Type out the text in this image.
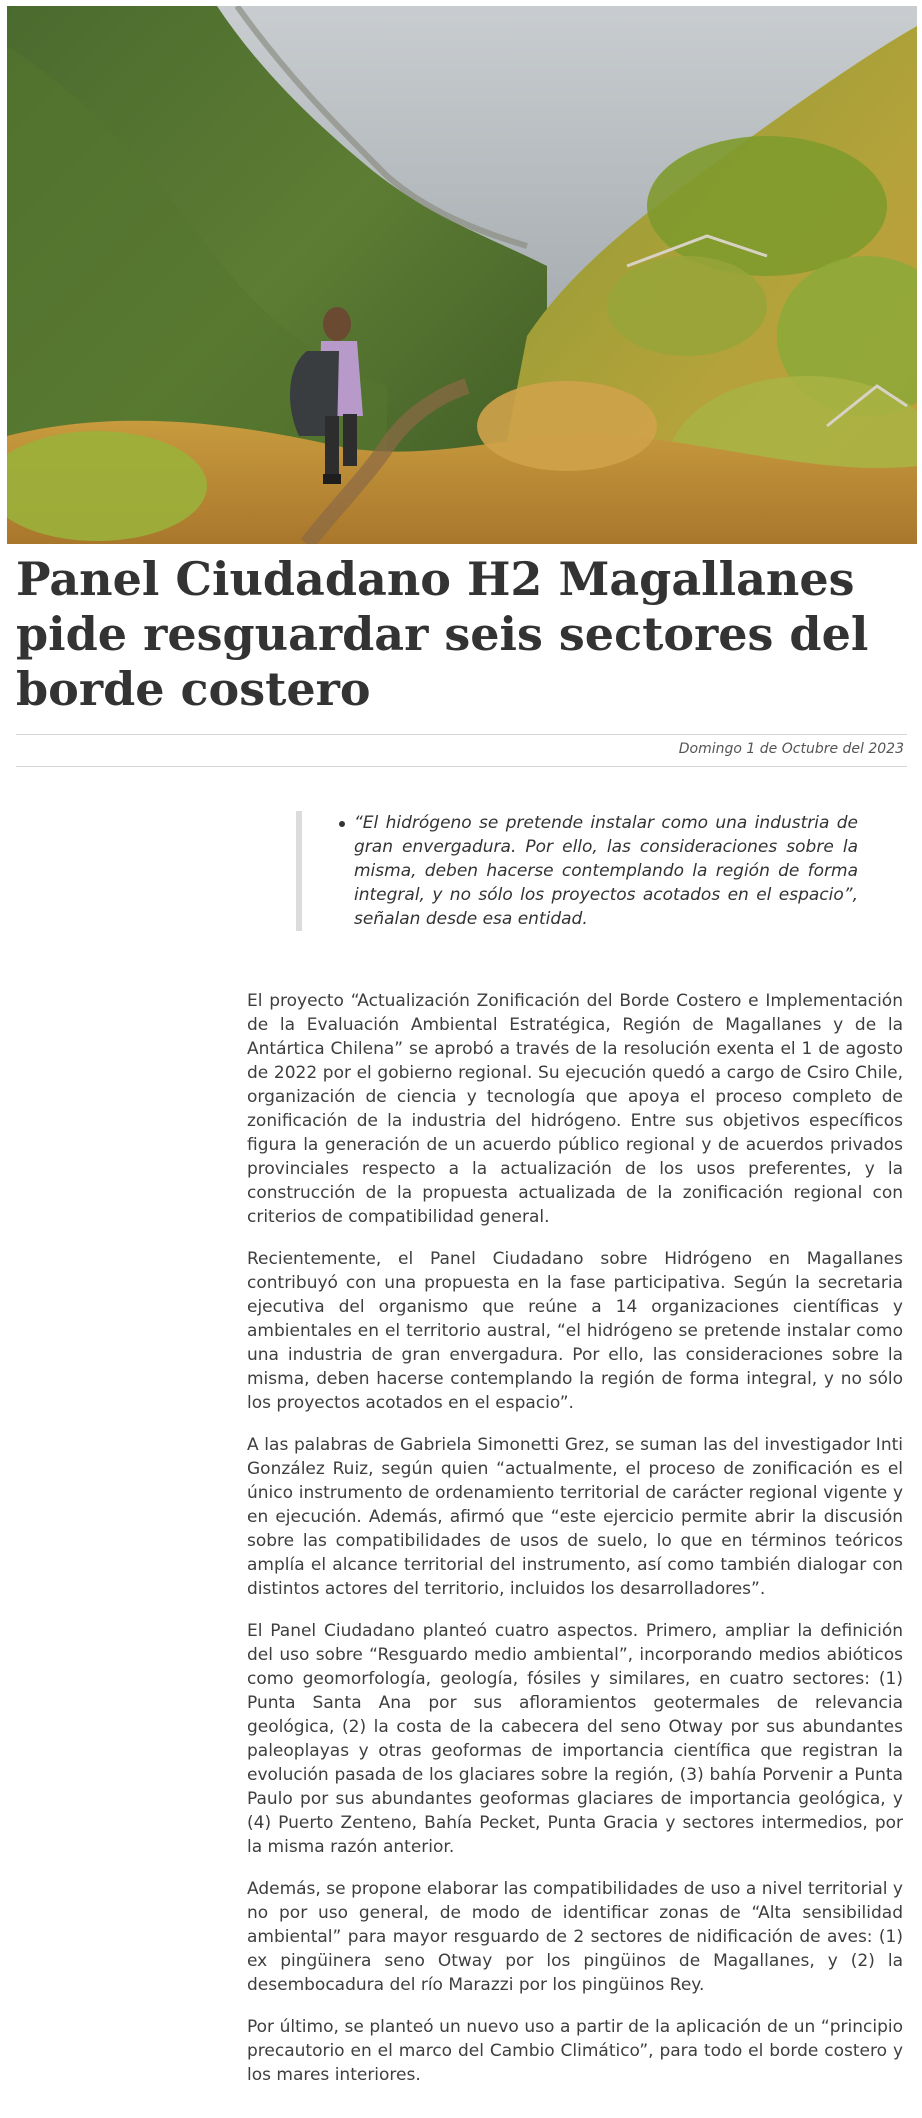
Panel Ciudadano H2 Magallanes pide resguardar seis sectores del borde costero
Domingo 1 de Octubre del 2023
“El hidrógeno se pretende instalar como una industria de gran envergadura. Por ello, las consideraciones sobre la misma, deben hacerse contemplando la región de forma integral, y no sólo los proyectos acotados en el espacio”, señalan desde esa entidad.

El proyecto “Actualización Zonificación del Borde Costero e Implementación de la Evaluación Ambiental Estratégica, Región de Magallanes y de la Antártica Chilena” se aprobó a través de la resolución exenta el 1 de agosto de 2022 por el gobierno regional. Su ejecución quedó a cargo de Csiro Chile, organización de ciencia y tecnología que apoya el proceso completo de zonificación de la industria del hidrógeno. Entre sus objetivos específicos figura la generación de un acuerdo público regional y de acuerdos privados provinciales respecto a la actualización de los usos preferentes, y la construcción de la propuesta actualizada de la zonificación regional con criterios de compatibilidad general.

Recientemente, el Panel Ciudadano sobre Hidrógeno en Magallanes contribuyó con una propuesta en la fase participativa. Según la secretaria ejecutiva del organismo que reúne a 14 organizaciones científicas y ambientales en el territorio austral, “el hidrógeno se pretende instalar como una industria de gran envergadura. Por ello, las consideraciones sobre la misma, deben hacerse contemplando la región de forma integral, y no sólo los proyectos acotados en el espacio”.

A las palabras de Gabriela Simonetti Grez, se suman las del investigador Inti González Ruiz, según quien “actualmente, el proceso de zonificación es el único instrumento de ordenamiento territorial de carácter regional vigente y en ejecución. Además, afirmó que “este ejercicio permite abrir la discusión sobre las compatibilidades de usos de suelo, lo que en términos teóricos amplía el alcance territorial del instrumento, así como también dialogar con distintos actores del territorio, incluidos los desarrolladores”.

El Panel Ciudadano planteó cuatro aspectos. Primero, ampliar la definición del uso sobre “Resguardo medio ambiental”, incorporando medios abióticos como geomorfología, geología, fósiles y similares, en cuatro sectores: (1) Punta Santa Ana por sus afloramientos geotermales de relevancia geológica, (2) la costa de la cabecera del seno Otway por sus abundantes paleoplayas y otras geoformas de importancia científica que registran la evolución pasada de los glaciares sobre la región, (3) bahía Porvenir a Punta Paulo por sus abundantes geoformas glaciares de importancia geológica, y (4) Puerto Zenteno, Bahía Pecket, Punta Gracia y sectores intermedios, por la misma razón anterior.

Además, se propone elaborar las compatibilidades de uso a nivel territorial y no por uso general, de modo de identificar zonas de “Alta sensibilidad ambiental” para mayor resguardo de 2 sectores de nidificación de aves: (1) ex pingüinera seno Otway por los pingüinos de Magallanes, y (2) la desembocadura del río Marazzi por los pingüinos Rey.

Por último, se planteó un nuevo uso a partir de la aplicación de un “principio precautorio en el marco del Cambio Climático”, para todo el borde costero y los mares interiores.
